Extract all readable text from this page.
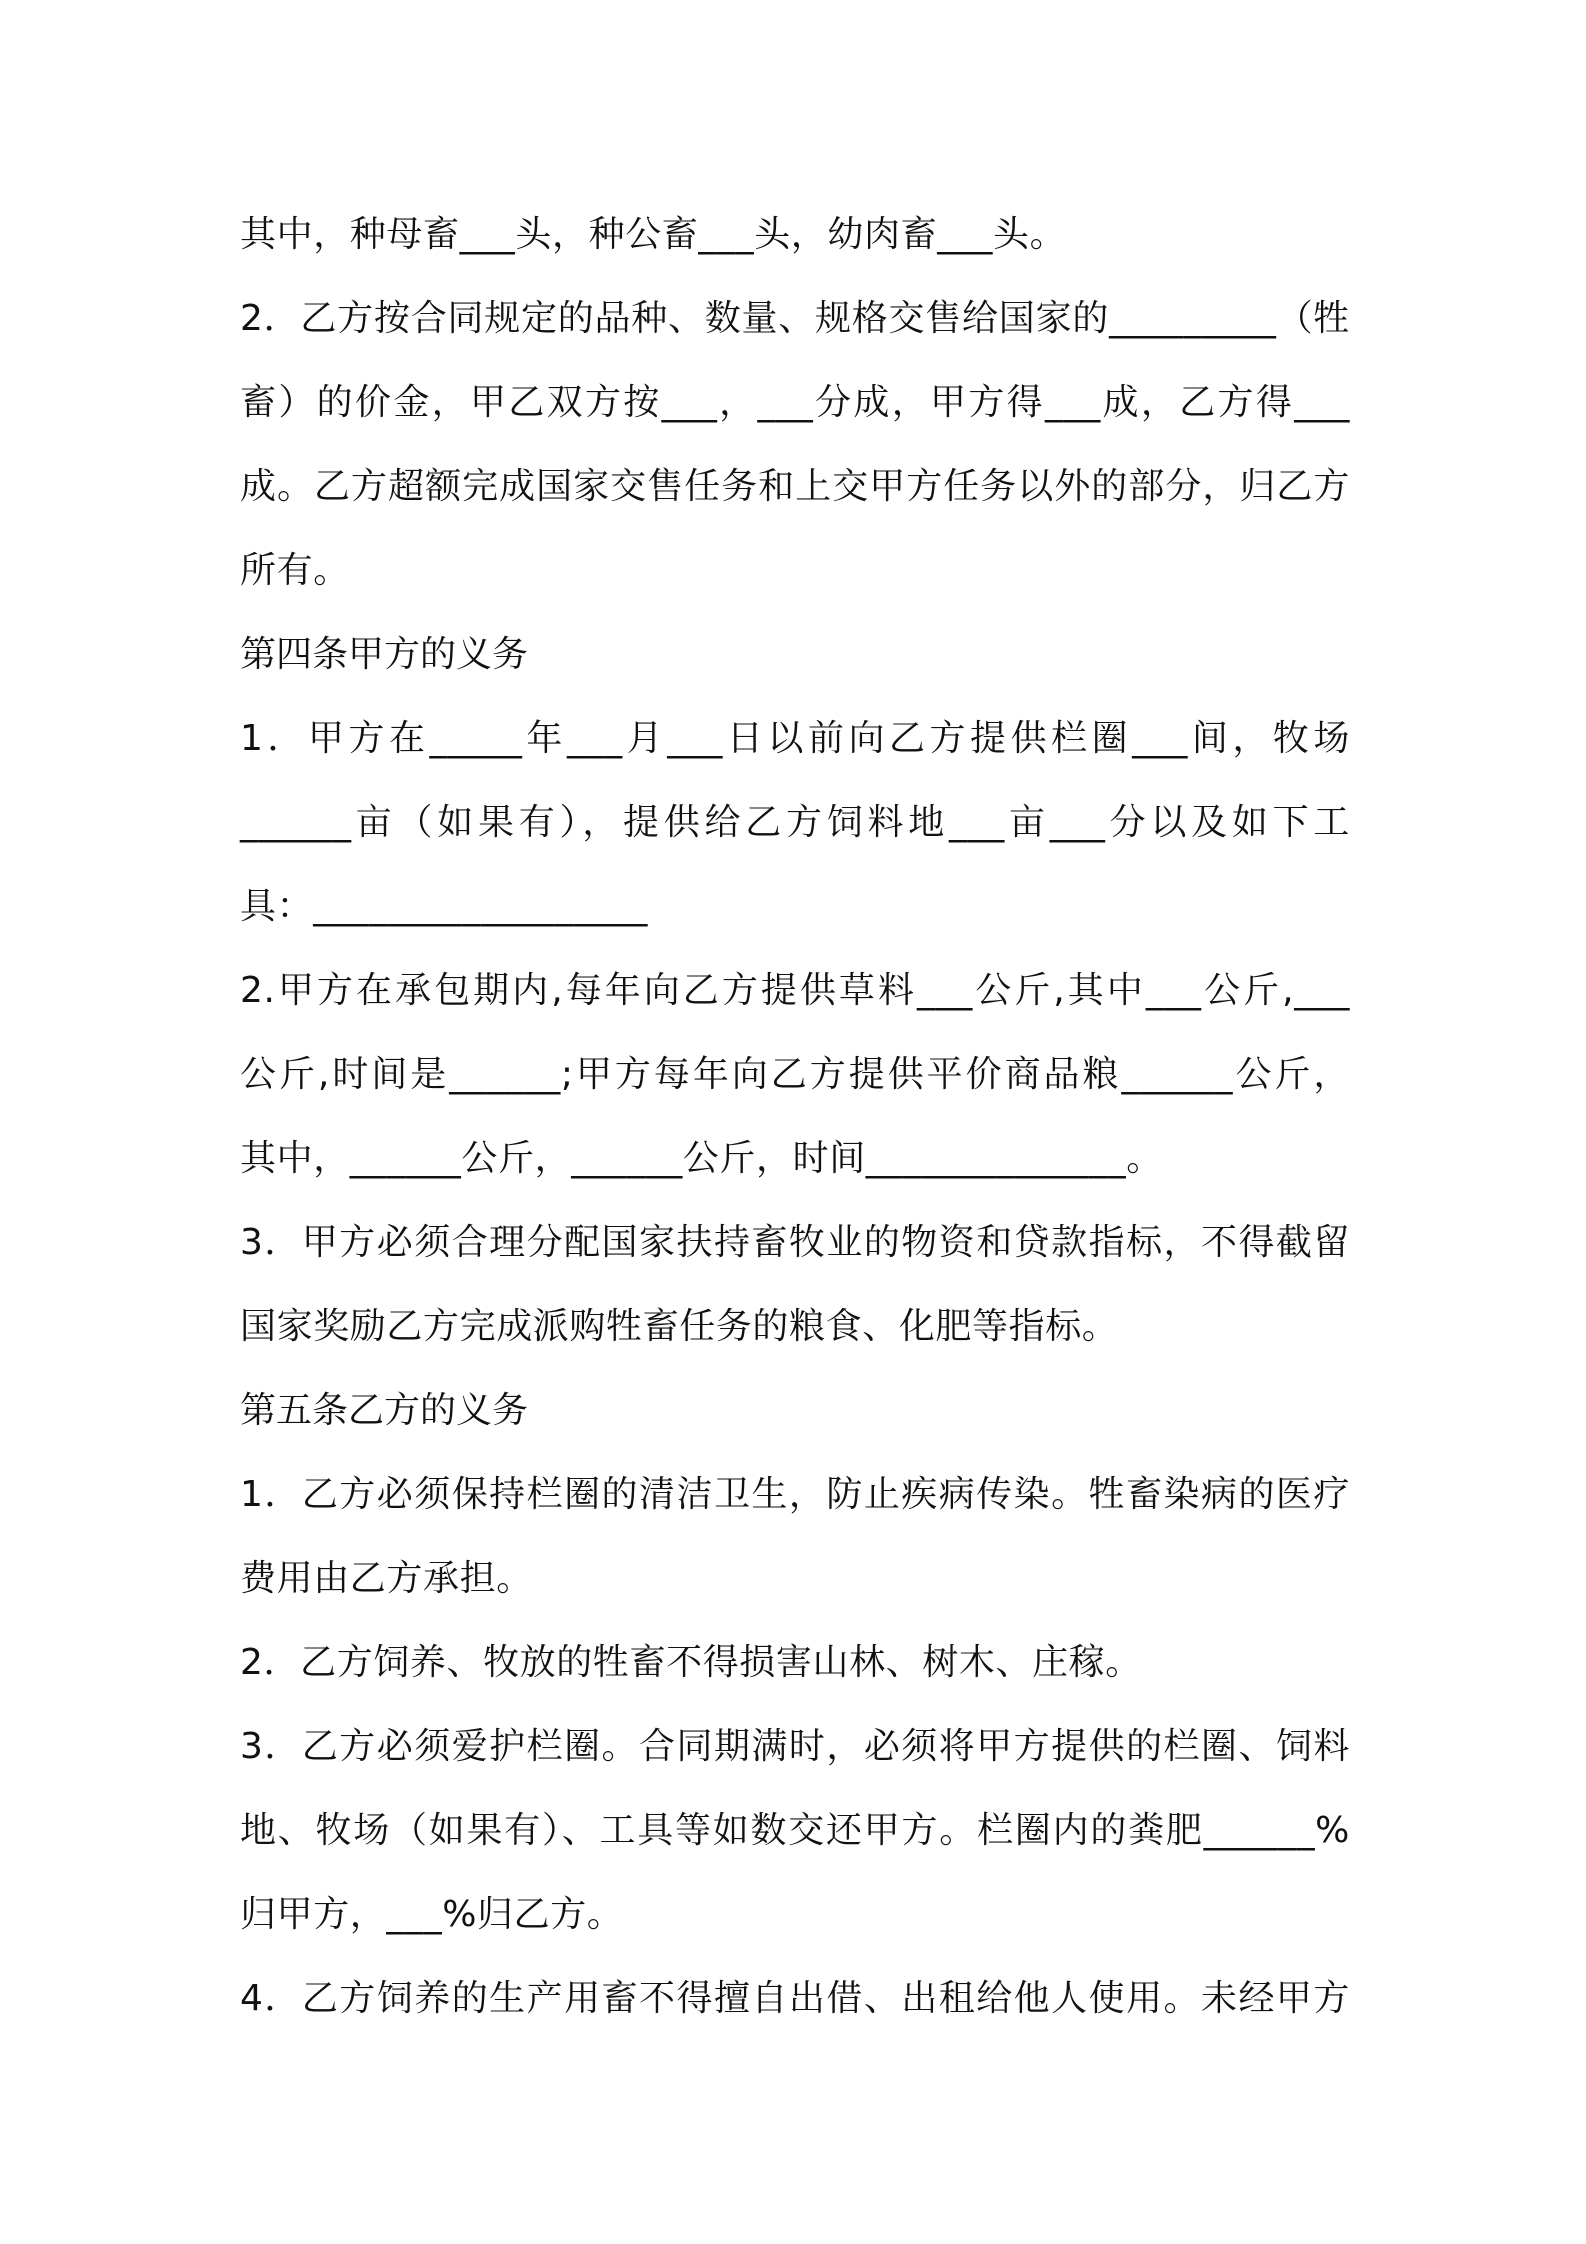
其中，种母畜___头，种公畜___头，幼肉畜___头。
2．乙方按合同规定的品种、数量、规格交售给国家的_________（牲
畜）的价金，甲乙双方按___，___分成，甲方得___成，乙方得___
成。乙方超额完成国家交售任务和上交甲方任务以外的部分，归乙方
所有。
第四条甲方的义务
1．甲方在_____年___月___日以前向乙方提供栏圈___间，牧场
______亩（如果有），提供给乙方饲料地___亩___分以及如下工
具：__________________
2.甲方在承包期内,每年向乙方提供草料___公斤,其中___公斤,___
公斤,时间是______;甲方每年向乙方提供平价商品粮______公斤，
其中，______公斤，______公斤，时间______________。
3．甲方必须合理分配国家扶持畜牧业的物资和贷款指标，不得截留
国家奖励乙方完成派购牲畜任务的粮食、化肥等指标。
第五条乙方的义务
1．乙方必须保持栏圈的清洁卫生，防止疾病传染。牲畜染病的医疗
费用由乙方承担。
2．乙方饲养、牧放的牲畜不得损害山林、树木、庄稼。
3．乙方必须爱护栏圈。合同期满时，必须将甲方提供的栏圈、饲料
地、牧场（如果有）、工具等如数交还甲方。栏圈内的粪肥______%
归甲方，___%归乙方。
4．乙方饲养的生产用畜不得擅自出借、出租给他人使用。未经甲方
